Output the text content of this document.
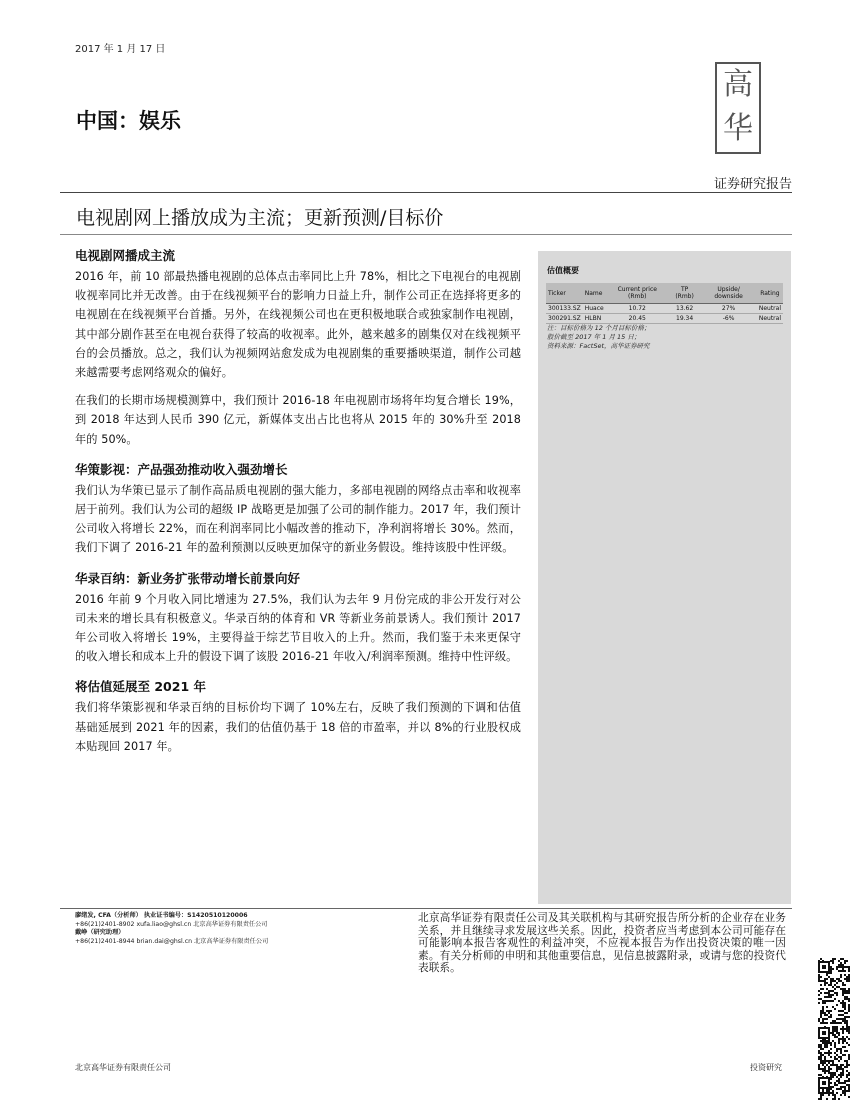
2017 年 1 月 17 日
中国：娱乐
高
华
证券研究报告
电视剧网上播放成为主流；更新预测/目标价
电视剧网播成主流

2016 年，前 10 部最热播电视剧的总体点击率同比上升 78%，相比之下电视台的电视剧收视率同比并无改善。由于在线视频平台的影响力日益上升，制作公司正在选择将更多的电视剧在在线视频平台首播。另外，在线视频公司也在更积极地联合或独家制作电视剧，其中部分剧作甚至在电视台获得了较高的收视率。此外，越来越多的剧集仅对在线视频平台的会员播放。总之，我们认为视频网站愈发成为电视剧集的重要播映渠道，制作公司越来越需要考虑网络观众的偏好。

在我们的长期市场规模测算中，我们预计 2016-18 年电视剧市场将年均复合增长 19%，到 2018 年达到人民币 390 亿元，新媒体支出占比也将从 2015 年的 30%升至 2018 年的 50%。

华策影视：产品强劲推动收入强劲增长

我们认为华策已显示了制作高品质电视剧的强大能力，多部电视剧的网络点击率和收视率居于前列。我们认为公司的超级 IP 战略更是加强了公司的制作能力。2017 年，我们预计公司收入将增长 22%，而在利润率同比小幅改善的推动下，净利润将增长 30%。然而，我们下调了 2016-21 年的盈利预测以反映更加保守的新业务假设。维持该股中性评级。

华录百纳：新业务扩张带动增长前景向好

2016 年前 9 个月收入同比增速为 27.5%，我们认为去年 9 月份完成的非公开发行对公司未来的增长具有积极意义。华录百纳的体育和 VR 等新业务前景诱人。我们预计 2017 年公司收入将增长 19%，主要得益于综艺节目收入的上升。然而，我们鉴于未来更保守的收入增长和成本上升的假设下调了该股 2016-21 年收入/利润率预测。维持中性评级。

将估值延展至 2021 年

我们将华策影视和华录百纳的目标价均下调了 10%左右，反映了我们预测的下调和估值基础延展到 2021 年的因素，我们的估值仍基于 18 倍的市盈率，并以 8%的行业股权成本贴现回 2017 年。

估值概要
Ticker	Name	Current price (Rmb)	TP (Rmb)	Upside/ downside	Rating
300133.SZ	Huace	10.72	13.62	27%	Neutral
300291.SZ	HLBN	20.45	19.34	-6%	Neutral
注：目标价格为 12 个月目标价格；
股价截至 2017 年 1 月 15 日；
资料来源：FactSet，高华证券研究
廖绪发, CFA（分析师） 执业证书编号：S1420510120006
+86(21)2401-8902 xufa.liao@ghsl.cn 北京高华证券有限责任公司
戴峥（研究助理）
+86(21)2401-8944 brian.dai@ghsl.cn 北京高华证券有限责任公司
北京高华证券有限责任公司及其关联机构与其研究报告所分析的企业存在业务关系，并且继续寻求发展这些关系。因此，投资者应当考虑到本公司可能存在可能影响本报告客观性的利益冲突，不应视本报告为作出投资决策的唯一因素。有关分析师的申明和其他重要信息，见信息披露附录，或请与您的投资代表联系。
北京高华证券有限责任公司	投资研究
